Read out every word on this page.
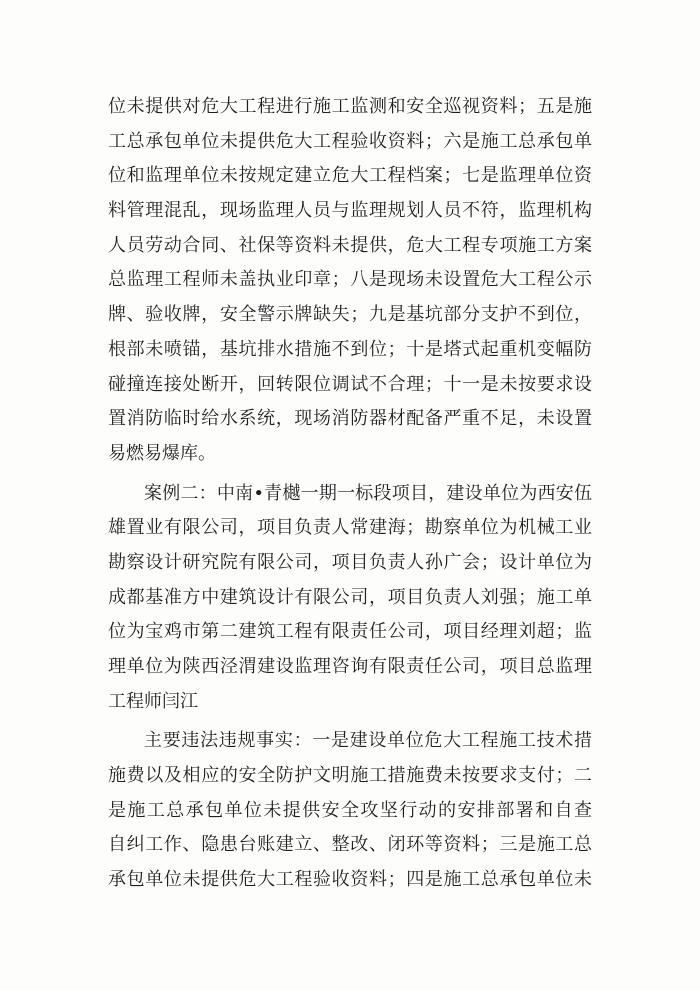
位未提供对危大工程进行施工监测和安全巡视资料；五是施
工总承包单位未提供危大工程验收资料；六是施工总承包单
位和监理单位未按规定建立危大工程档案；七是监理单位资
料管理混乱，现场监理人员与监理规划人员不符，监理机构
人员劳动合同、社保等资料未提供，危大工程专项施工方案
总监理工程师未盖执业印章；八是现场未设置危大工程公示
牌、验收牌，安全警示牌缺失；九是基坑部分支护不到位，
根部未喷锚，基坑排水措施不到位；十是塔式起重机变幅防
碰撞连接处断开，回转限位调试不合理；十一是未按要求设
置消防临时给水系统，现场消防器材配备严重不足，未设置
易燃易爆库。
案例二：中南•青樾一期一标段项目，建设单位为西安伍
雄置业有限公司，项目负责人常建海；勘察单位为机械工业
勘察设计研究院有限公司，项目负责人孙广会；设计单位为
成都基准方中建筑设计有限公司，项目负责人刘强；施工单
位为宝鸡市第二建筑工程有限责任公司，项目经理刘超；监
理单位为陕西泾渭建设监理咨询有限责任公司，项目总监理
工程师闫江
主要违法违规事实：一是建设单位危大工程施工技术措
施费以及相应的安全防护文明施工措施费未按要求支付；二
是施工总承包单位未提供安全攻坚行动的安排部署和自查
自纠工作、隐患台账建立、整改、闭环等资料；三是施工总
承包单位未提供危大工程验收资料；四是施工总承包单位未
